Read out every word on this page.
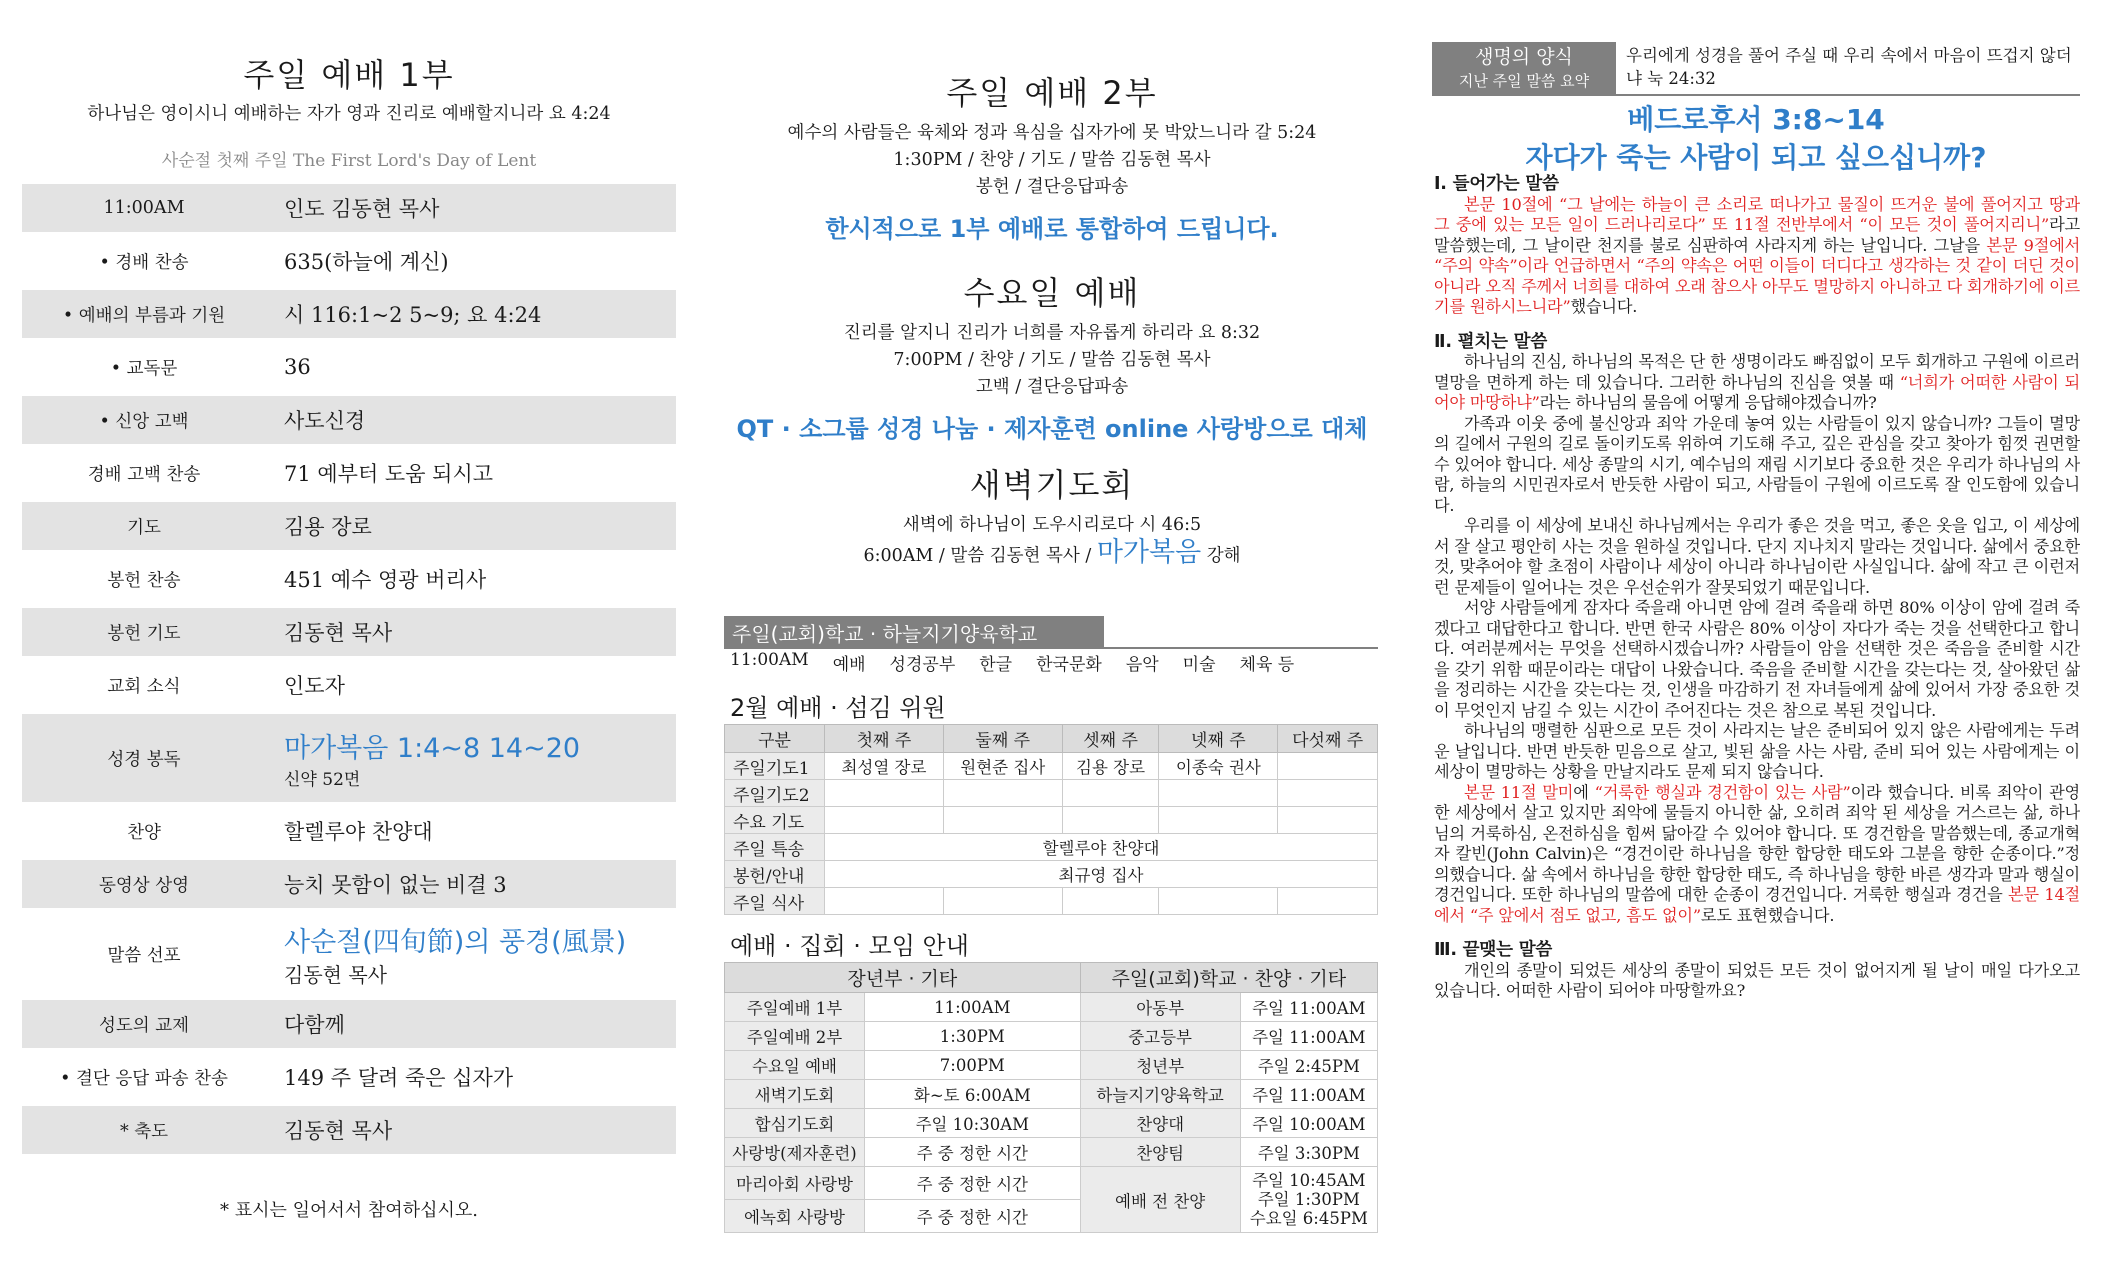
주일 예배 1부
하나님은 영이시니 예배하는 자가 영과 진리로 예배할지니라 요 4:24
사순절 첫째 주일 The First Lord's Day of Lent
11:00AM	인도 김동현 목사
• 경배 찬송	635(하늘에 계신)
• 예배의 부름과 기원	시 116:1~2 5~9; 요 4:24
• 교독문	36
• 신앙 고백	사도신경
경배 고백 찬송	71 예부터 도움 되시고
기도	김용 장로
봉헌 찬송	451 예수 영광 버리사
봉헌 기도	김동현 목사
교회 소식	인도자
성경 봉독	마가복음 1:4~8 14~20
신약 52면
찬양	할렐루야 찬양대
동영상 상영	능치 못함이 없는 비결 3
말씀 선포	사순절(四旬節)의 풍경(風景)
김동현 목사
성도의 교제	다함께
• 결단 응답 파송 찬송	149 주 달려 죽은 십자가
* 축도	김동현 목사
* 표시는 일어서서 참여하십시오.
주일 예배 2부
예수의 사람들은 육체와 정과 욕심을 십자가에 못 박았느니라 갈 5:24
1:30PM / 찬양 / 기도 / 말씀 김동현 목사
봉헌 / 결단응답파송
한시적으로 1부 예배로 통합하여 드립니다.
수요일 예배
진리를 알지니 진리가 너희를 자유롭게 하리라 요 8:32
7:00PM / 찬양 / 기도 / 말씀 김동현 목사
고백 / 결단응답파송
QT · 소그룹 성경 나눔 · 제자훈련 online 사랑방으로 대체
새벽기도회
새벽에 하나님이 도우시리로다 시 46:5
6:00AM / 말씀 김동현 목사 / 마가복음 강해
주일(교회)학교 · 하늘지기양육학교
11:00AM 예배 성경공부 한글 한국문화 음악 미술 체육 등
2월 예배 · 섬김 위원
구분	첫째 주	둘째 주	셋째 주	넷째 주	다섯째 주
주일기도1	최성열 장로	원현준 집사	김용 장로	이종숙 권사	
주일기도2					
수요 기도					
주일 특송	할렐루야 찬양대				
봉헌/안내	최규영 집사				
주일 식사					
예배 · 집회 · 모임 안내
장년부 · 기타		주일(교회)학교 · 찬양 · 기타	
주일예배 1부	11:00AM	아동부	주일 11:00AM
주일예배 2부	1:30PM	중고등부	주일 11:00AM
수요일 예배	7:00PM	청년부	주일 2:45PM
새벽기도회	화~토 6:00AM	하늘지기양육학교	주일 11:00AM
합심기도회	주일 10:30AM	찬양대	주일 10:00AM
사랑방(제자훈련)	주 중 정한 시간	찬양팀	주일 3:30PM
마리아회 사랑방	주 중 정한 시간	예배 전 찬양	주일 10:45AM
주일 1:30PM
수요일 6:45PM

에녹회 사랑방	주 중 정한 시간		
생명의 양식
지난 주일 말씀 요약
우리에게 성경을 풀어 주실 때 우리 속에서 마음이 뜨겁지 않더냐 눅 24:32
베드로후서 3:8~14
자다가 죽는 사람이 되고 싶으십니까?
Ⅰ. 들어가는 말씀

본문 10절에 “그 날에는 하늘이 큰 소리로 떠나가고 물질이 뜨거운 불에 풀어지고 땅과 그 중에 있는 모든 일이 드러나리로다” 또 11절 전반부에서 “이 모든 것이 풀어지리니”라고 말씀했는데, 그 날이란 천지를 불로 심판하여 사라지게 하는 날입니다. 그날을 본문 9절에서 “주의 약속”이라 언급하면서 “주의 약속은 어떤 이들이 더디다고 생각하는 것 같이 더딘 것이 아니라 오직 주께서 너희를 대하여 오래 참으사 아무도 멸망하지 아니하고 다 회개하기에 이르기를 원하시느니라”했습니다.

Ⅱ. 펼치는 말씀

하나님의 진심, 하나님의 목적은 단 한 생명이라도 빠짐없이 모두 회개하고 구원에 이르러 멸망을 면하게 하는 데 있습니다. 그러한 하나님의 진심을 엿볼 때 “너희가 어떠한 사람이 되어야 마땅하냐”라는 하나님의 물음에 어떻게 응답해야겠습니까?

가족과 이웃 중에 불신앙과 죄악 가운데 놓여 있는 사람들이 있지 않습니까? 그들이 멸망의 길에서 구원의 길로 돌이키도록 위하여 기도해 주고, 깊은 관심을 갖고 찾아가 힘껏 권면할 수 있어야 합니다. 세상 종말의 시기, 예수님의 재림 시기보다 중요한 것은 우리가 하나님의 사람, 하늘의 시민권자로서 반듯한 사람이 되고, 사람들이 구원에 이르도록 잘 인도함에 있습니다.

우리를 이 세상에 보내신 하나님께서는 우리가 좋은 것을 먹고, 좋은 옷을 입고, 이 세상에서 잘 살고 평안히 사는 것을 원하실 것입니다. 단지 지나치지 말라는 것입니다. 삶에서 중요한 것, 맞추어야 할 초점이 사람이나 세상이 아니라 하나님이란 사실입니다. 삶에 작고 큰 이런저런 문제들이 일어나는 것은 우선순위가 잘못되었기 때문입니다.

서양 사람들에게 잠자다 죽을래 아니면 암에 걸려 죽을래 하면 80% 이상이 암에 걸려 죽겠다고 대답한다고 합니다. 반면 한국 사람은 80% 이상이 자다가 죽는 것을 선택한다고 합니다. 여러분께서는 무엇을 선택하시겠습니까? 사람들이 암을 선택한 것은 죽음을 준비할 시간을 갖기 위함 때문이라는 대답이 나왔습니다. 죽음을 준비할 시간을 갖는다는 것, 살아왔던 삶을 정리하는 시간을 갖는다는 것, 인생을 마감하기 전 자녀들에게 삶에 있어서 가장 중요한 것이 무엇인지 남길 수 있는 시간이 주어진다는 것은 참으로 복된 것입니다.

하나님의 맹렬한 심판으로 모든 것이 사라지는 날은 준비되어 있지 않은 사람에게는 두려운 날입니다. 반면 반듯한 믿음으로 살고, 빛된 삶을 사는 사람, 준비 되어 있는 사람에게는 이 세상이 멸망하는 상황을 만날지라도 문제 되지 않습니다.

본문 11절 말미에 “거룩한 행실과 경건함이 있는 사람”이라 했습니다. 비록 죄악이 관영한 세상에서 살고 있지만 죄악에 물들지 아니한 삶, 오히려 죄악 된 세상을 거스르는 삶, 하나님의 거룩하심, 온전하심을 힘써 닮아갈 수 있어야 합니다. 또 경건함을 말씀했는데, 종교개혁자 칼빈(John Calvin)은 “경건이란 하나님을 향한 합당한 태도와 그분을 향한 순종이다.”정의했습니다. 삶 속에서 하나님을 향한 합당한 태도, 즉 하나님을 향한 바른 생각과 말과 행실이 경건입니다. 또한 하나님의 말씀에 대한 순종이 경건입니다. 거룩한 행실과 경건을 본문 14절에서 “주 앞에서 점도 없고, 흠도 없이”로도 표현했습니다.

Ⅲ. 끝맺는 말씀

개인의 종말이 되었든 세상의 종말이 되었든 모든 것이 없어지게 될 날이 매일 다가오고 있습니다. 어떠한 사람이 되어야 마땅할까요?
